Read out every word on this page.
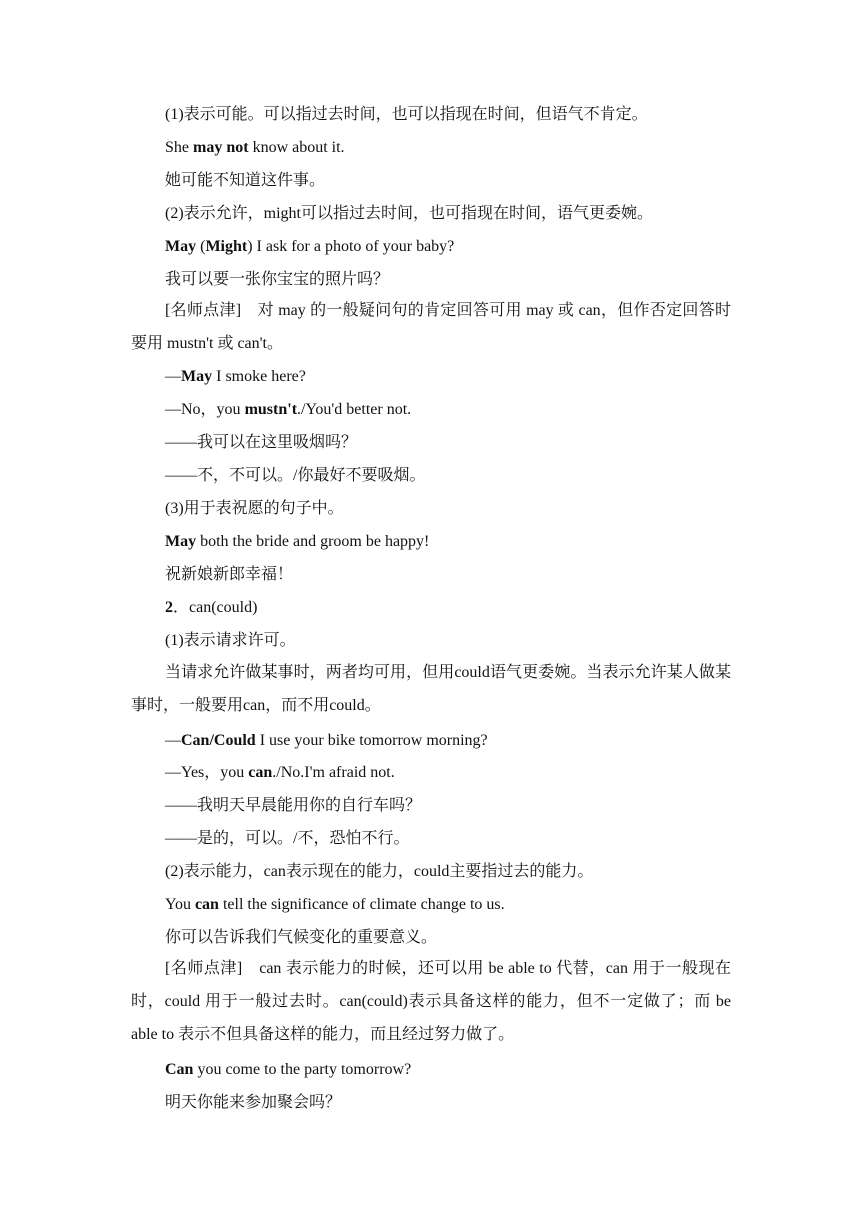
(1)表示可能。可以指过去时间，也可以指现在时间，但语气不肯定。
She may not know about it.
她可能不知道这件事。
(2)表示允许，might可以指过去时间，也可指现在时间，语气更委婉。
May (Might) I ask for a photo of your baby?
我可以要一张你宝宝的照片吗？
[名师点津]　对 may 的一般疑问句的肯定回答可用 may 或 can，但作否定回答时要用 mustn't 或 can't。
—May I smoke here?
—No，you mustn't./You'd better not.
——我可以在这里吸烟吗？
——不，不可以。/你最好不要吸烟。
(3)用于表祝愿的句子中。
May both the bride and groom be happy!
祝新娘新郎幸福！
2．can(could)
(1)表示请求许可。
当请求允许做某事时，两者均可用，但用could语气更委婉。当表示允许某人做某事时，一般要用can，而不用could。
—Can/Could I use your bike tomorrow morning?
—Yes，you can./No.I'm afraid not.
——我明天早晨能用你的自行车吗？
——是的，可以。/不，恐怕不行。
(2)表示能力，can表示现在的能力，could主要指过去的能力。
You can tell the significance of climate change to us.
你可以告诉我们气候变化的重要意义。
[名师点津]　can 表示能力的时候，还可以用 be able to 代替，can 用于一般现在时，could 用于一般过去时。can(could)表示具备这样的能力，但不一定做了；而 be able to 表示不但具备这样的能力，而且经过努力做了。
Can you come to the party tomorrow?
明天你能来参加聚会吗？
